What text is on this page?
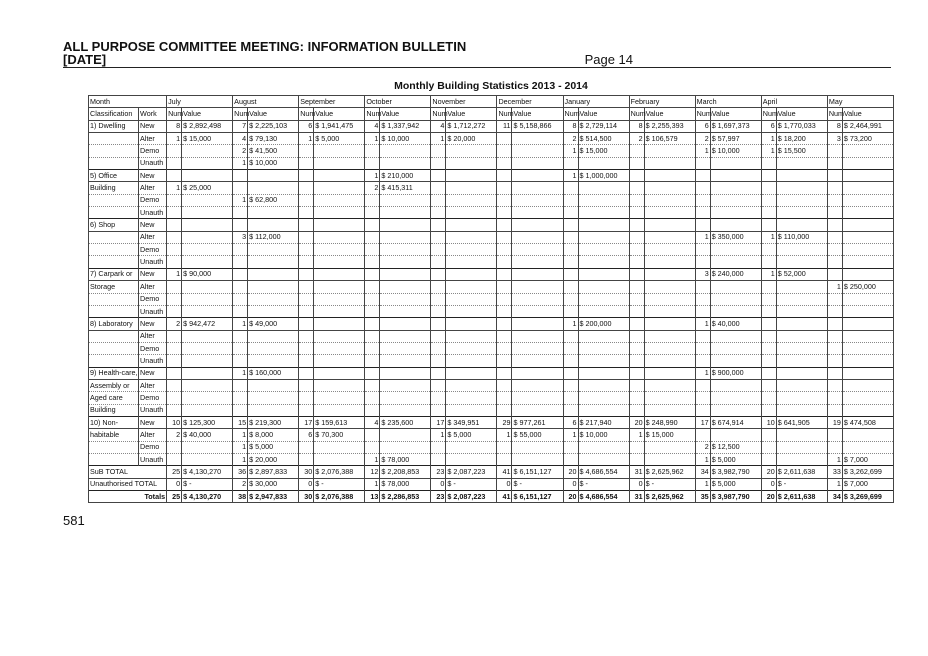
ALL PURPOSE COMMITTEE MEETING: INFORMATION BULLETIN
[DATE]	Page 14
581
Monthly Building Statistics 2013 - 2014
Month		July		August		September		October		November		December		January		February		March		April		May	
Classification	Work	Num	Value	Num	Value	Num	Value	Num	Value	Num	Value	Num	Value	Num	Value	Num	Value	Num	Value	Num	Value	Num	Value
1) Dwelling	New	8	$ 2,892,498	7	$ 2,225,103	6	$ 1,941,475	4	$ 1,337,942	4	$ 1,712,272	11	$ 5,158,866	8	$ 2,729,114	8	$ 2,255,393	6	$ 1,697,373	6	$ 1,770,033	8	$ 2,464,991
	Alter	1	$ 15,000	4	$ 79,130	1	$ 5,000	1	$ 10,000	1	$ 20,000			2	$ 514,500	2	$ 106,579	2	$ 57,997	1	$ 18,200	3	$ 73,200
	Demo			2	$ 41,500									1	$ 15,000			1	$ 10,000	1	$ 15,500		
	Unauth			1	$ 10,000																		
5) Office	New							1	$ 210,000					1	$ 1,000,000								
Building	Alter	1	$ 25,000					2	$ 415,311														
	Demo			1	$ 62,800																		
	Unauth																						
6) Shop	New																						
	Alter			3	$ 112,000													1	$ 350,000	1	$ 110,000		
	Demo																						
	Unauth																						
7) Carpark or	New	1	$ 90,000															3	$ 240,000	1	$ 52,000		
Storage	Alter																					1	$ 250,000
	Demo																						
	Unauth																						
8) Laboratory	New	2	$ 942,472	1	$ 49,000									1	$ 200,000			1	$ 40,000				
	Alter																						
	Demo																						
	Unauth																						
9) Health-care,	New			1	$ 160,000													1	$ 900,000				
Assembly or	Alter																						
Aged care	Demo																						
Building	Unauth																						
10) Non-	New	10	$ 125,300	15	$ 219,300	17	$ 159,613	4	$ 235,600	17	$ 349,951	29	$ 977,261	6	$ 217,940	20	$ 248,990	17	$ 674,914	10	$ 641,905	19	$ 474,508
habitable	Alter	2	$ 40,000	1	$ 8,000	6	$ 70,300			1	$ 5,000	1	$ 55,000	1	$ 10,000	1	$ 15,000						
	Demo			1	$ 5,000													2	$ 12,500				
	Unauth			1	$ 20,000			1	$ 78,000									1	$ 5,000			1	$ 7,000
SuB TOTAL		25	$ 4,130,270	36	$ 2,897,833	30	$ 2,076,388	12	$ 2,208,853	23	$ 2,087,223	41	$ 6,151,127	20	$ 4,686,554	31	$ 2,625,962	34	$ 3,982,790	20	$ 2,611,638	33	$ 3,262,699
Unauthorised TOTAL		0	$ -	2	$ 30,000	0	$ -	1	$ 78,000	0	$ -	0	$ -	0	$ -	0	$ -	1	$ 5,000	0	$ -	1	$ 7,000
Totals		25	$ 4,130,270	38	$ 2,947,833	30	$ 2,076,388	13	$ 2,286,853	23	$ 2,087,223	41	$ 6,151,127	20	$ 4,686,554	31	$ 2,625,962	35	$ 3,987,790	20	$ 2,611,638	34	$ 3,269,699
